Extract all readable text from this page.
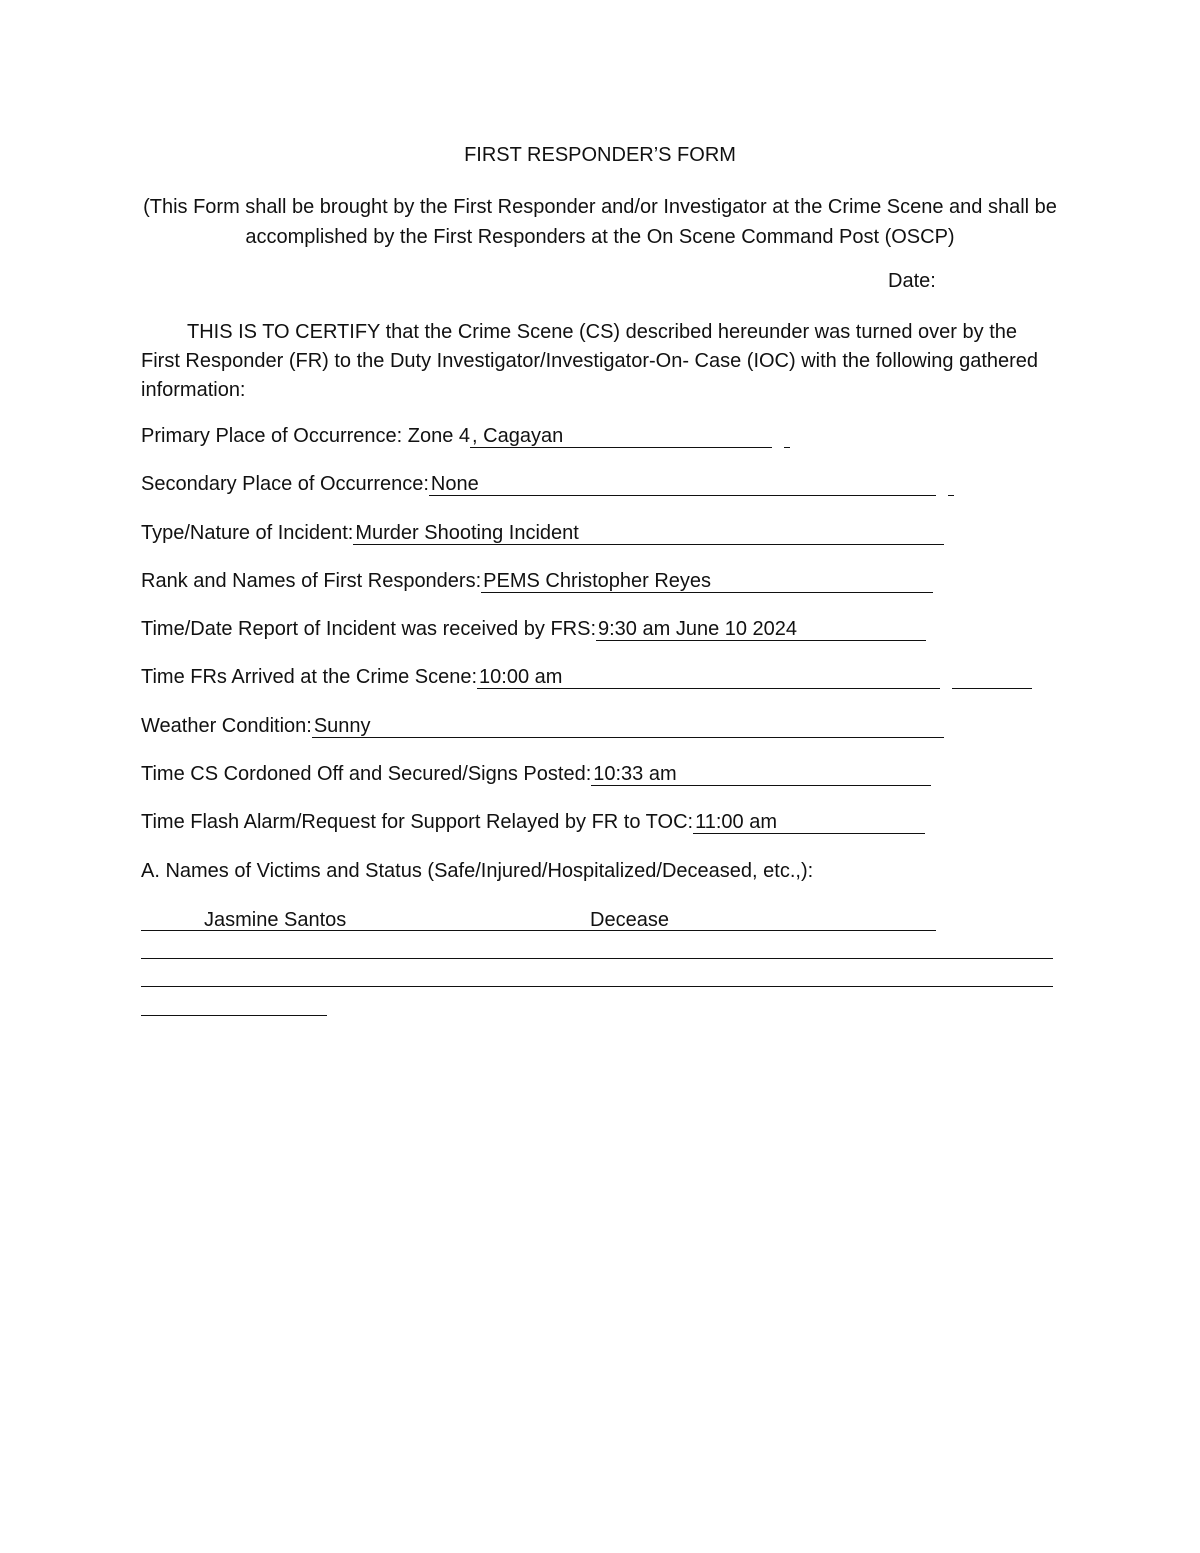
FIRST RESPONDER’S FORM
(This Form shall be brought by the First Responder and/or Investigator at the Crime Scene and shall be accomplished by the First Responders at the On Scene Command Post (OSCP)
Date:
THIS IS TO CERTIFY that the Crime Scene (CS) described hereunder was turned over by the First Responder (FR) to the Duty Investigator/Investigator-On- Case (IOC) with the following gathered information:
Primary Place of Occurrence: Zone 4, Cagayan
Secondary Place of Occurrence:None
Type/Nature of Incident:Murder Shooting Incident
Rank and Names of First Responders:PEMS Christopher Reyes
Time/Date Report of Incident was received by FRS:9:30 am June 10 2024
Time FRs Arrived at the Crime Scene:10:00 am
Weather Condition:Sunny
Time CS Cordoned Off and Secured/Signs Posted:10:33 am
Time Flash Alarm/Request for Support Relayed by FR to TOC:11:00 am
A. Names of Victims and Status (Safe/Injured/Hospitalized/Deceased, etc.,):
Jasmine Santos	Decease
